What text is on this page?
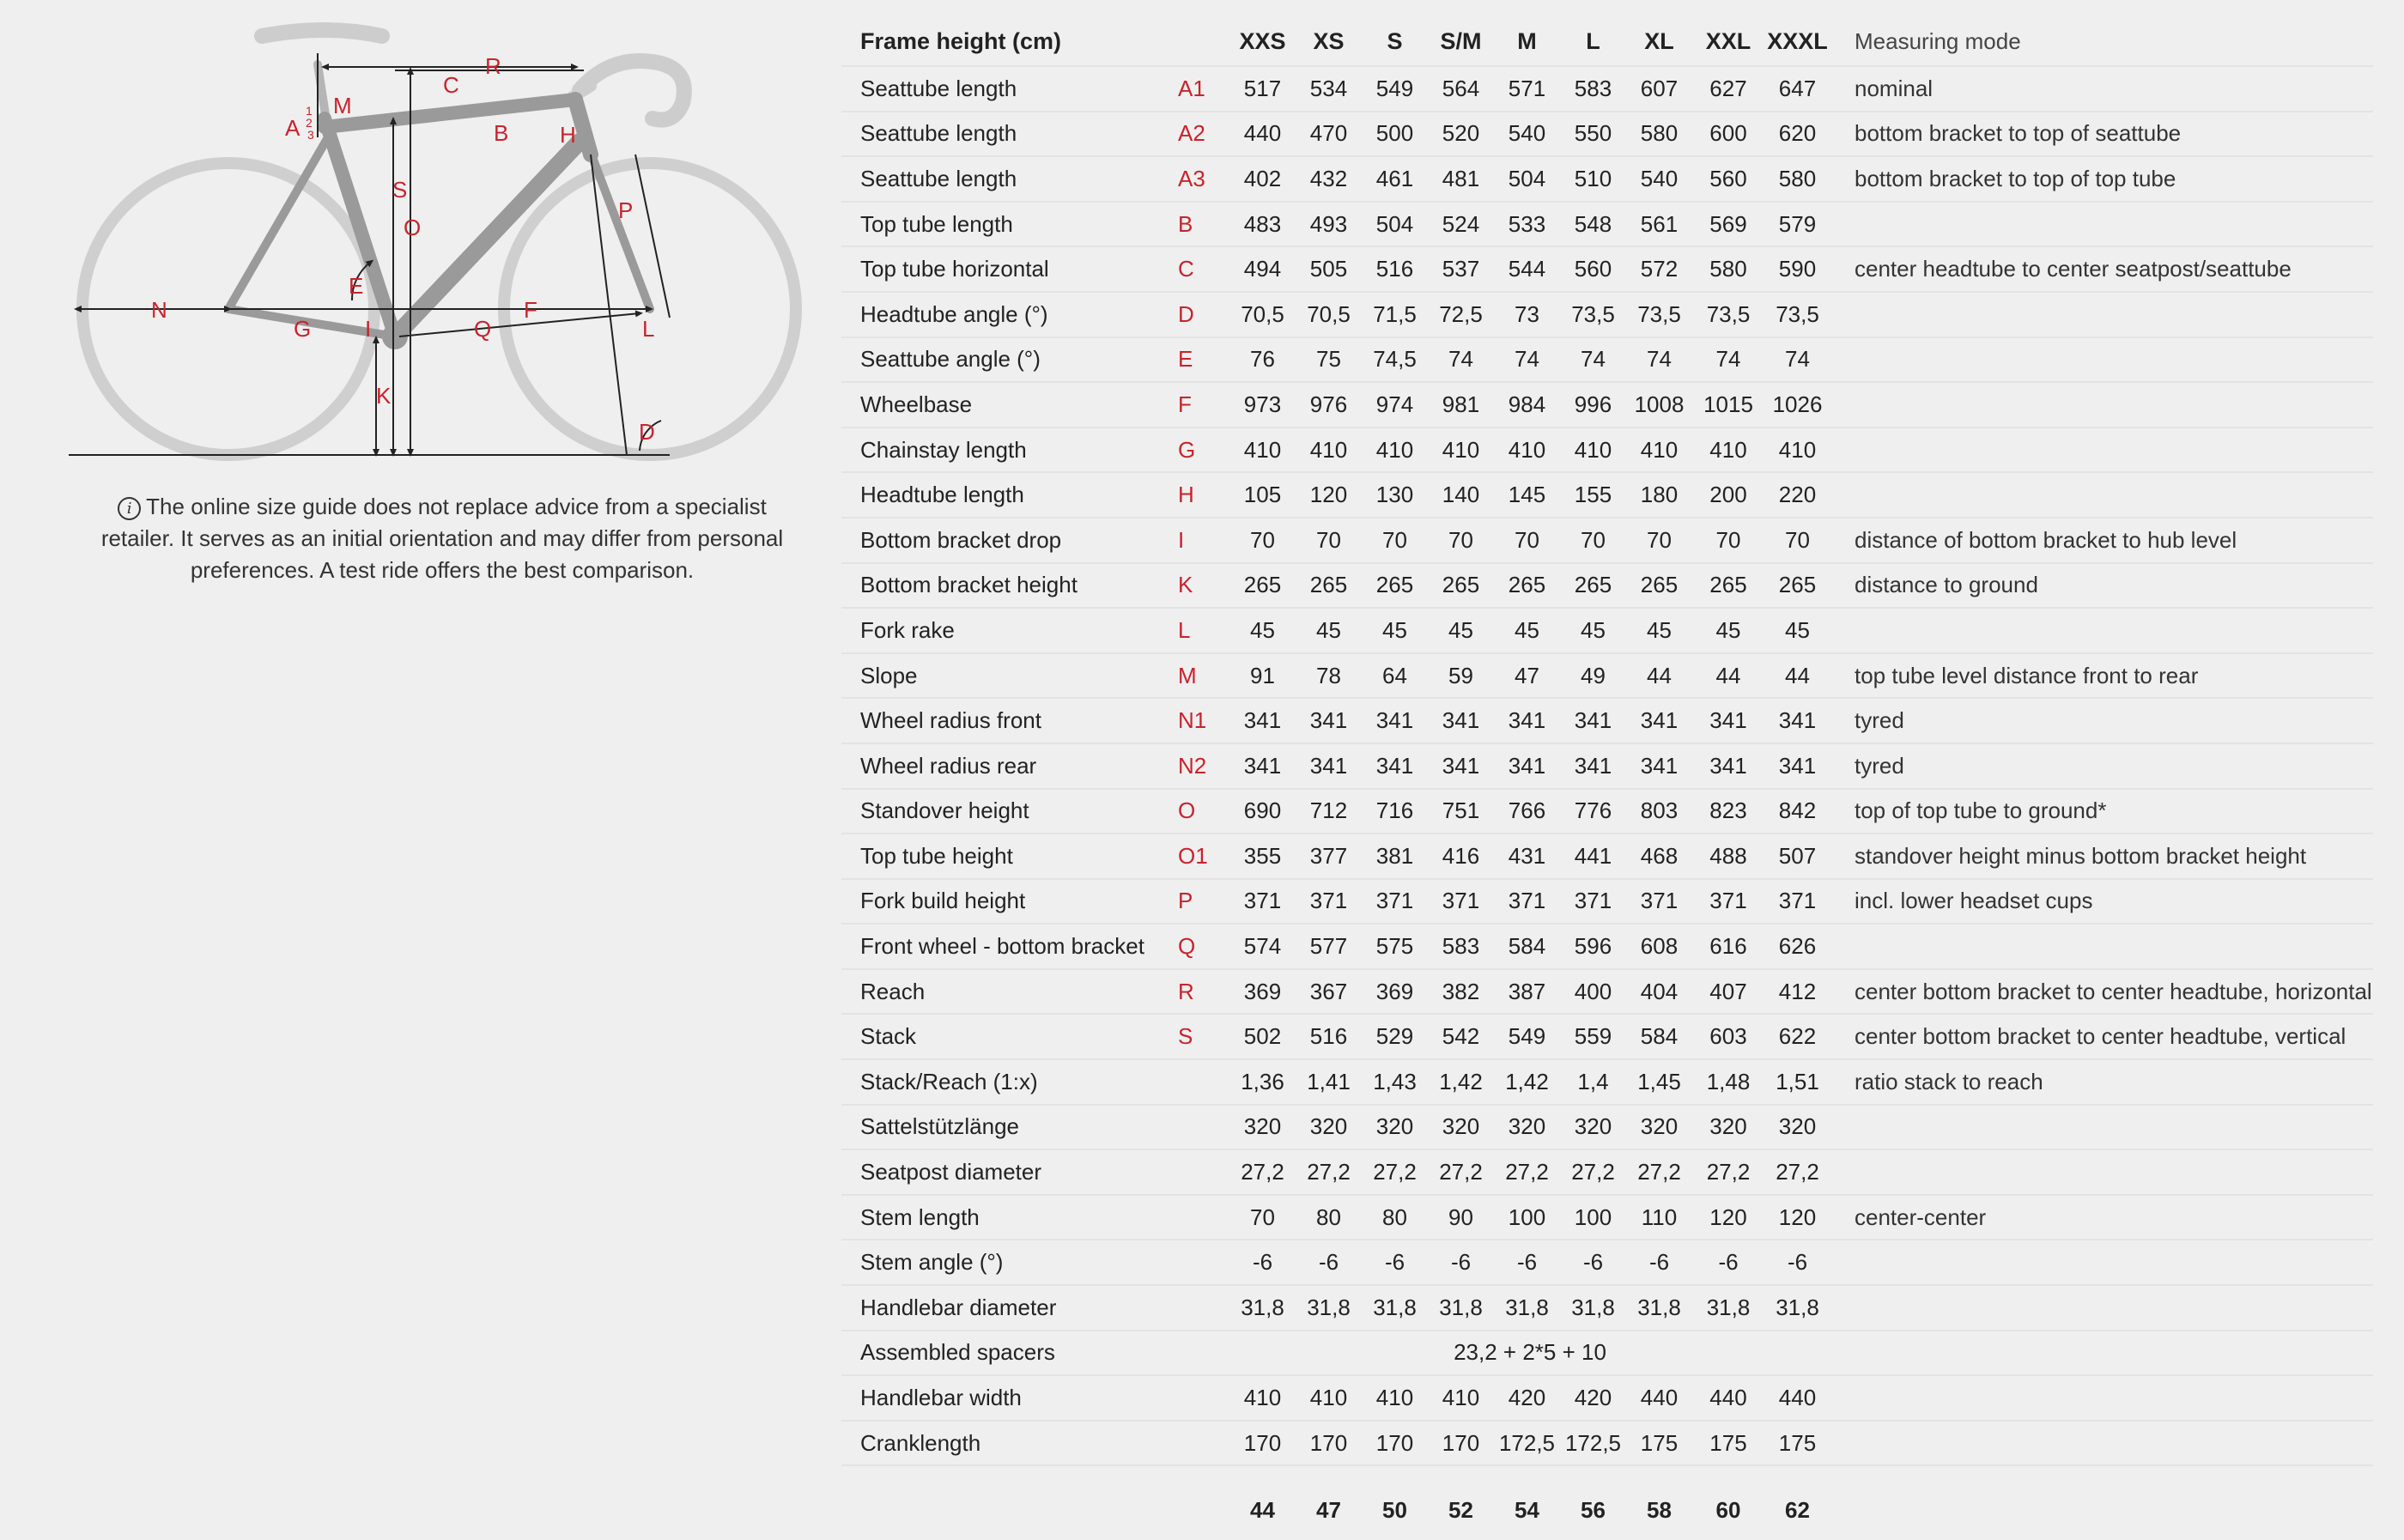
A
1
2
3
M
C
R
B H
S
O
P
E
N
G I	Q
F
L
K
D
i The online size guide does not replace advice from a specialist retailer. It serves as an initial orientation and may differ from personal preferences. A test ride offers the best comparison.
Frame height (cm)		XXS	XS	S	S/M	M	L	XL	XXL	XXXL	Measuring mode
Seattube length	A1	517	534	549	564	571	583	607	627	647	nominal
Seattube length	A2	440	470	500	520	540	550	580	600	620	bottom bracket to top of seattube
Seattube length	A3	402	432	461	481	504	510	540	560	580	bottom bracket to top of top tube
Top tube length	B	483	493	504	524	533	548	561	569	579	
Top tube horizontal	C	494	505	516	537	544	560	572	580	590	center headtube to center seatpost/seattube
Headtube angle (°)	D	70,5	70,5	71,5	72,5	73	73,5	73,5	73,5	73,5	
Seattube angle (°)	E	76	75	74,5	74	74	74	74	74	74	
Wheelbase	F	973	976	974	981	984	996	1008	1015	1026	
Chainstay length	G	410	410	410	410	410	410	410	410	410	
Headtube length	H	105	120	130	140	145	155	180	200	220	
Bottom bracket drop	I	70	70	70	70	70	70	70	70	70	distance of bottom bracket to hub level
Bottom bracket height	K	265	265	265	265	265	265	265	265	265	distance to ground
Fork rake	L	45	45	45	45	45	45	45	45	45	
Slope	M	91	78	64	59	47	49	44	44	44	top tube level distance front to rear
Wheel radius front	N1	341	341	341	341	341	341	341	341	341	tyred
Wheel radius rear	N2	341	341	341	341	341	341	341	341	341	tyred
Standover height	O	690	712	716	751	766	776	803	823	842	top of top tube to ground*
Top tube height	O1	355	377	381	416	431	441	468	488	507	standover height minus bottom bracket height
Fork build height	P	371	371	371	371	371	371	371	371	371	incl. lower headset cups
Front wheel - bottom bracket	Q	574	577	575	583	584	596	608	616	626	
Reach	R	369	367	369	382	387	400	404	407	412	center bottom bracket to center headtube, horizontal
Stack	S	502	516	529	542	549	559	584	603	622	center bottom bracket to center headtube, vertical
Stack/Reach (1:x)		1,36	1,41	1,43	1,42	1,42	1,4	1,45	1,48	1,51	ratio stack to reach
Sattelstützlänge		320	320	320	320	320	320	320	320	320	
Seatpost diameter		27,2	27,2	27,2	27,2	27,2	27,2	27,2	27,2	27,2	
Stem length		70	80	80	90	100	100	110	120	120	center-center
Stem angle (°)		-6	-6	-6	-6	-6	-6	-6	-6	-6	
Handlebar diameter		31,8	31,8	31,8	31,8	31,8	31,8	31,8	31,8	31,8	
Assembled spacers		23,2 + 2*5 + 10									
Handlebar width		410	410	410	410	420	420	440	440	440	
Cranklength		170	170	170	170	172,5	172,5	175	175	175	
		44	47	50	52	54	56	58	60	62	
